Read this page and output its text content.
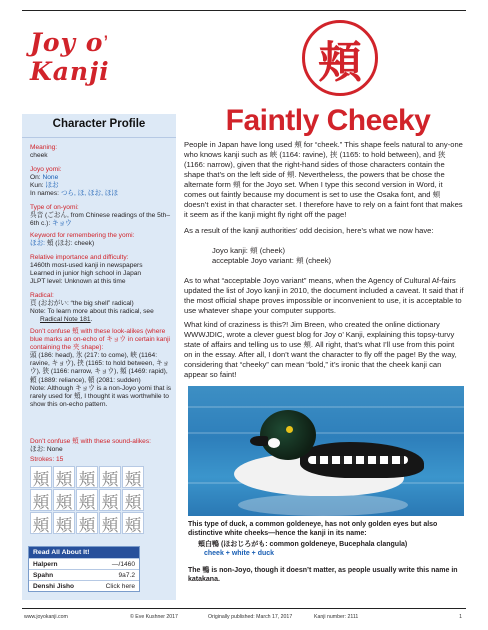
Joy o’ Kanji	頬
Faintly Cheeky
Character Profile
Meaning:
cheek
Joyo yomi:
On: None
Kun: ほお
In names: つら, ほ, ほお, ほほ
Type of on-yomi:
呉音 (ごおん, from Chinese readings of the 5th–6th c.): キョウ
Keyword for remembering the yomi:
ほお: 頬 (ほお: cheek)
Relative importance and difficulty:
1460th most-used kanji in newspapers
Learned in junior high school in Japan
JLPT level: Unknown at this time
Radical:
頁 (おおがい: “the big shell” radical)
Note: To learn more about this radical, see
Radical Note 181.
Don’t confuse 頬 with these look-alikes (where blue marks an on-echo of キョウ in certain kanji containing the 夹 shape):
頭 (186: head), 氷 (217: to come), 峡 (1164: ravine, キョウ), 挟 (1165: to hold between, キョウ), 狭 (1166: narrow, キョウ), 頻 (1469: rapid), 頼 (1889: reliance), 頓 (2081: sudden)
Note: Although キョウ is a non-Joyo yomi that is rarely used for 頬, I thought it was worthwhile to show this on-echo pattern.
Don’t confuse 頬 with these sound-alikes:
ほお: None
Strokes: 15
頬 頬 頬 頬 頬
頬 頬 頬 頬 頬
頬 頬 頬 頬 頬
Read All About It!
Halpern	—/1460
Spahn	9a7.2
Denshi Jisho	Click here
People in Japan have long used 頬 for “cheek.” This shape feels natural to any-one who knows kanji such as 峡 (1164: ravine), 挟 (1165: to hold between), and 狭 (1166: narrow), given that the right-hand sides of those characters contain the shape that’s on the left side of 頬. Nevertheless, the powers that be chose the alternate form 頰 for the Joyo set. When I type this second version in Word, it comes out faintly because my document is set to use the Osaka font, and 頰 doesn’t exist in that character set. I therefore have to rely on a faint font that makes it seem as if the kanji might fly right off the page!
As a result of the kanji authorities’ odd decision, here’s what we now have:
Joyo kanji: 頰 (cheek)
acceptable Joyo variant: 頬 (cheek)
As to what “acceptable Joyo variant” means, when the Agency of Cultural Af-fairs updated the list of Joyo kanji in 2010, the document included a caveat. It said that if the most official shape proves impossible or inconvenient to use, it is acceptable to use whatever shape your computer supports.
What kind of craziness is this?! Jim Breen, who created the online dictionary WWWJDIC, wrote a clever guest blog for Joy o’ Kanji, explaining this topsy-turvy state of affairs and telling us to use 頬. All right, that’s what I’ll use from this point on in the essay. After all, I don’t want the character to fly off the page! By the way, considering that “cheeky” can mean “bold,” it’s ironic that the cheek kanji can appear so faint!
This type of duck, a common goldeneye, has not only golden eyes but also distinctive white cheeks—hence the kanji in its name:
頬白鴨 (ほおじろがも: common goldeneye, Bucephala clangula)
cheek + white + duck
The 鴨 is non-Joyo, though it doesn’t matter, as people usually write this name in katakana.
www.joyokanji.com	© Eve Kushner 2017	Originally published: March 17, 2017	Kanji number: 2111	1
